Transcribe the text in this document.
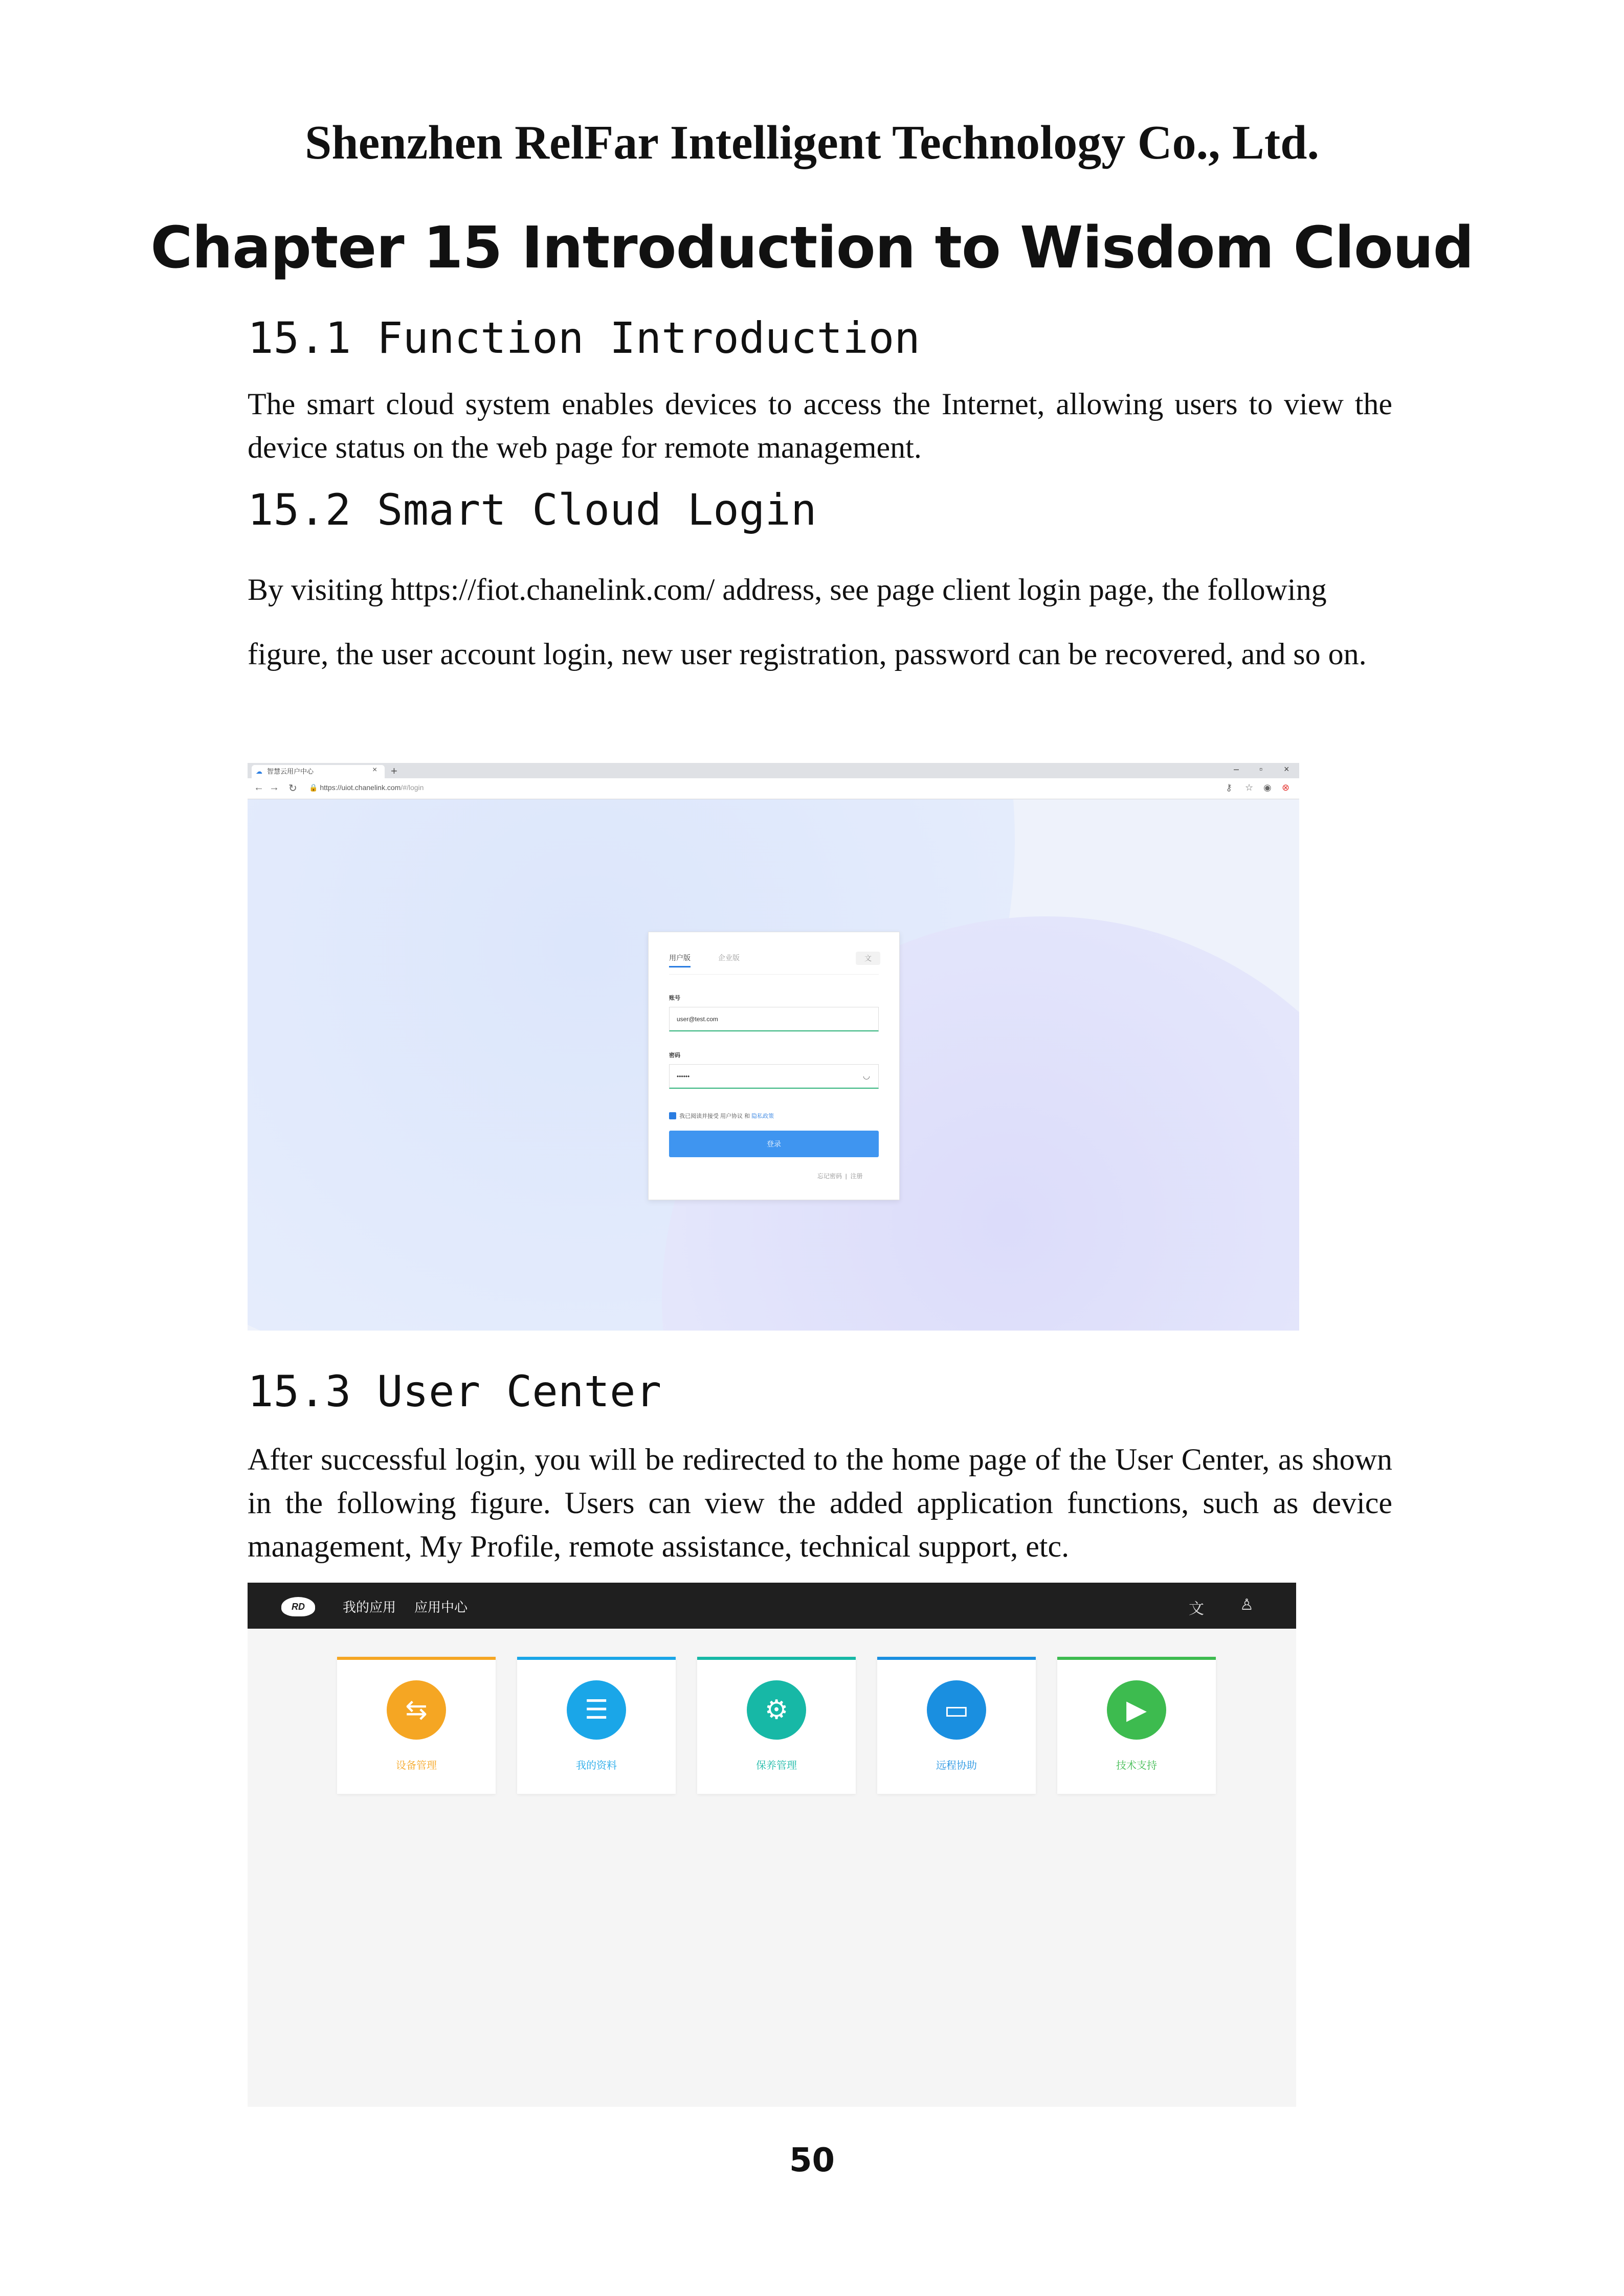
Shenzhen RelFar Intelligent Technology Co., Ltd.
Chapter 15 Introduction to Wisdom Cloud
15.1 Function Introduction
The smart cloud system enables devices to access the Internet, allowing users to view the device status on the web page for remote management.
15.2 Smart Cloud Login
By visiting https://fiot.chanelink.com/ address, see page client login page, the following figure, the user account login, new user registration, password can be recovered, and so on.
☁ 智慧云用户中心	× +	– ▫ ×
← → ↻ 🔒 https://uiot.chanelink.com/#/login	⚷ ☆ ◉ ⊗
用户版	企业版	文
账号
user@test.com
密码
••••••	◡
我已阅读并接受 用户协议 和 隐私政策
登录
忘记密码  |  注册
15.3 User Center
After successful login, you will be redirected to the home page of the User Center, as shown in the following figure. Users can view the added application functions, such as device management, My Profile, remote assistance, technical support, etc.
RD	我的应用 应用中心	文 ♙
⇆
设备管理
☰
我的资料
⚙
保养管理
▭
远程协助
▶
技术支持
50
